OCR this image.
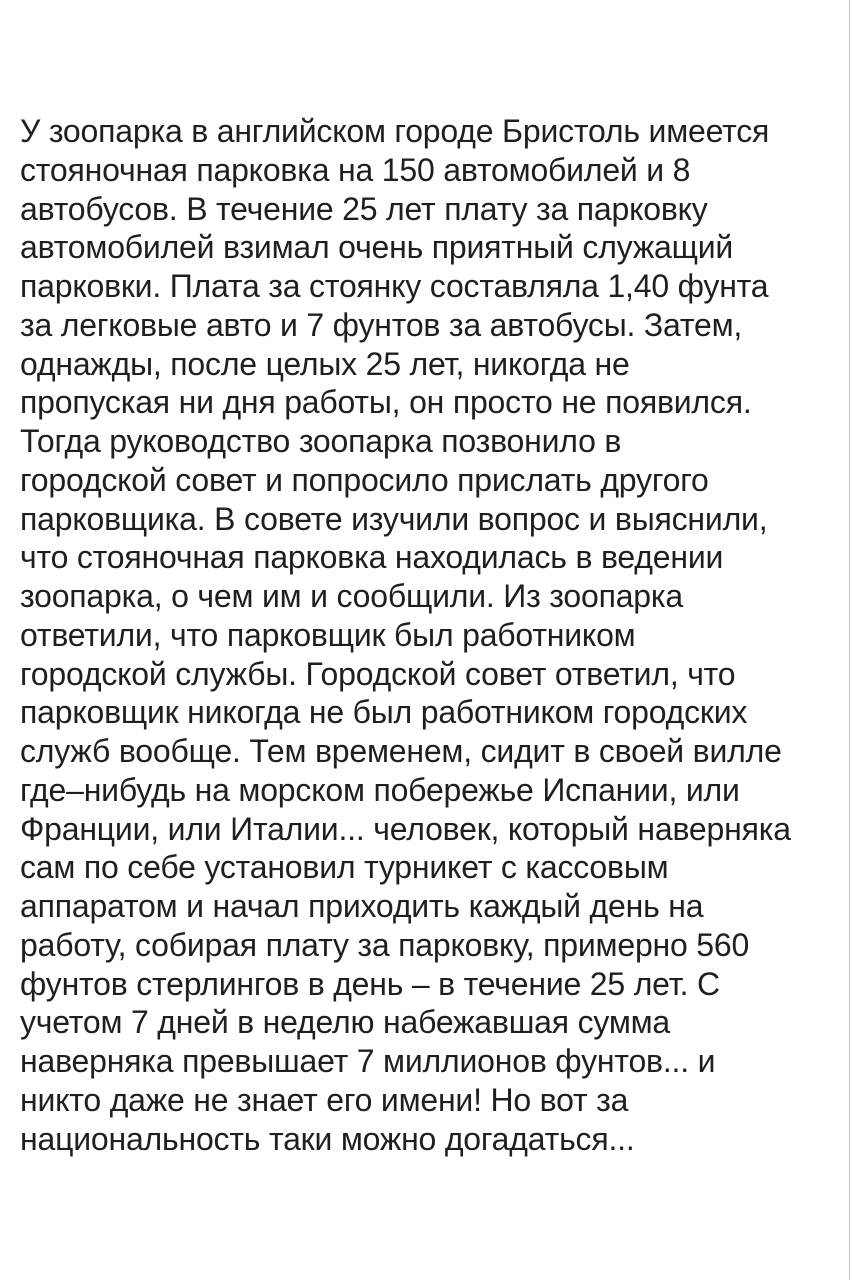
У зоопарка в английском городе Бристоль имеется
стояночная парковка на 150 автомобилей и 8
автобусов. В течение 25 лет плату за парковку
автомобилей взимал очень приятный служащий
парковки. Плата за стоянку составляла 1,40 фунта
за легковые авто и 7 фунтов за автобусы. Затем,
однажды, после целых 25 лет, никогда не
пропуская ни дня работы, он просто не появился.
Тогда руководство зоопарка позвонило в
городской совет и попросило прислать другого
парковщика. В совете изучили вопрос и выяснили,
что стояночная парковка находилась в ведении
зоопарка, о чем им и сообщили. Из зоопарка
ответили, что парковщик был работником
городской службы. Городской совет ответил, что
парковщик никогда не был работником городских
служб вообще. Тем временем, сидит в своей вилле
где–нибудь на морском побережье Испании, или
Франции, или Италии... человек, который наверняка
сам по себе установил турникет с кассовым
аппаратом и начал приходить каждый день на
работу, собирая плату за парковку, примерно 560
фунтов стерлингов в день – в течение 25 лет. С
учетом 7 дней в неделю набежавшая сумма
наверняка превышает 7 миллионов фунтов... и
никто даже не знает его имени! Но вот за
национальность таки можно догадаться...
